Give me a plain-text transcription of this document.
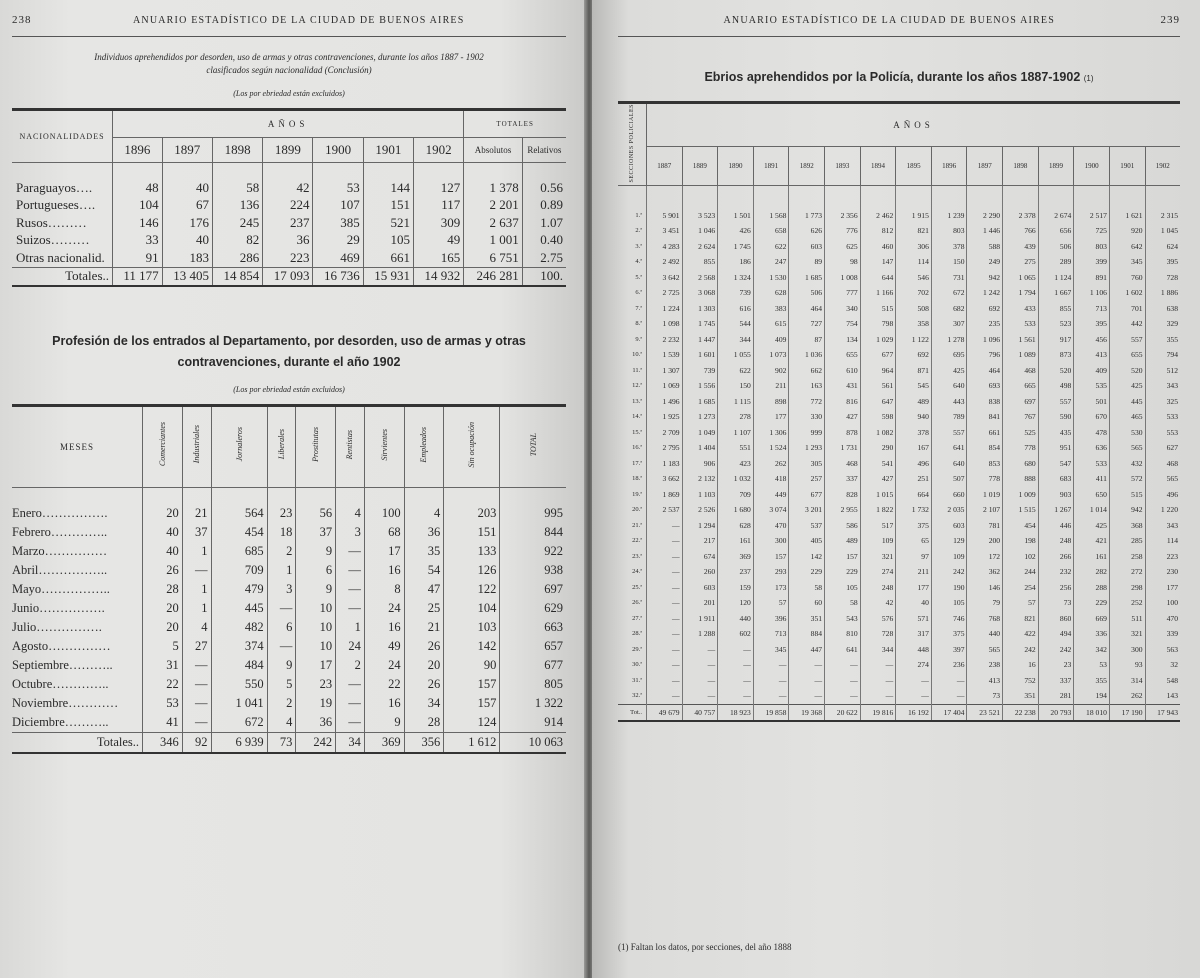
238	ANUARIO ESTADÍSTICO DE LA CIUDAD DE BUENOS AIRES
Individuos aprehendidos por desorden, uso de armas y otras contravenciones, durante los años 1887 - 1902
clasificados según nacionalidad (Conclusión)
(Los por ebriedad están excluidos)
NACIONALIDADES	AÑOS							TOTALES	
	1896	1897	1898	1899	1900	1901	1902	Absolutos	Relativos
Paraguayos….	48	40	58	42	53	144	127	1 378	0.56
Portugueses….	104	67	136	224	107	151	117	2 201	0.89
Rusos………	146	176	245	237	385	521	309	2 637	1.07
Suizos………	33	40	82	36	29	105	49	1 001	0.40
Otras nacionalid.	91	183	286	223	469	661	165	6 751	2.75
Totales..	11 177	13 405	14 854	17 093	16 736	15 931	14 932	246 281	100.
Profesión de los entrados al Departamento, por desorden, uso de armas y otras
contravenciones, durante el año 1902
(Los por ebriedad están excluidos)
MESES	Comerciantes	Industriales	Jornaleros	Liberales	Prostitutas	Rentistas	Sirvientes	Empleados	Sin ocupación	TOTAL
Enero…………….	20	21	564	23	56	4	100	4	203	995
Febrero…………..	40	37	454	18	37	3	68	36	151	844
Marzo……………	40	1	685	2	9	—	17	35	133	922
Abril……………..	26	—	709	1	6	—	16	54	126	938
Mayo……………..	28	1	479	3	9	—	8	47	122	697
Junio…………….	20	1	445	—	10	—	24	25	104	629
Julio…………….	20	4	482	6	10	1	16	21	103	663
Agosto……………	5	27	374	—	10	24	49	26	142	657
Septiembre………..	31	—	484	9	17	2	24	20	90	677
Octubre…………..	22	—	550	5	23	—	22	26	157	805
Noviembre…………	53	—	1 041	2	19	—	16	34	157	1 322
Diciembre………..	41	—	672	4	36	—	9	28	124	914
Totales..	346	92	6 939	73	242	34	369	356	1 612	10 063
ANUARIO ESTADÍSTICO DE LA CIUDAD DE BUENOS AIRES	239
Ebrios aprehendidos por la Policía, durante los años 1887-1902 (1)
SECCIONES POLICIALES	AÑOS														
	1887	1889	1890	1891	1892	1893	1894	1895	1896	1897	1898	1899	1900	1901	1902
1.ª	5 901	3 523	1 501	1 568	1 773	2 356	2 462	1 915	1 239	2 290	2 378	2 674	2 517	1 621	2 315
2.ª	3 451	1 046	426	658	626	776	812	821	803	1 446	766	656	725	920	1 045
3.ª	4 283	2 624	1 745	622	603	625	460	306	378	588	439	506	803	642	624
4.ª	2 492	855	186	247	89	98	147	114	150	249	275	289	399	345	395
5.ª	3 642	2 568	1 324	1 530	1 685	1 008	644	546	731	942	1 065	1 124	891	760	728
6.ª	2 725	3 068	739	628	506	777	1 166	702	672	1 242	1 794	1 667	1 106	1 602	1 886
7.ª	1 224	1 303	616	383	464	340	515	508	682	692	433	855	713	701	638
8.ª	1 098	1 745	544	615	727	754	798	358	307	235	533	523	395	442	329
9.ª	2 232	1 447	344	409	87	134	1 029	1 122	1 278	1 096	1 561	917	456	557	355
10.ª	1 539	1 601	1 055	1 073	1 036	655	677	692	695	796	1 089	873	413	655	794
11.ª	1 307	739	622	902	662	610	964	871	425	464	468	520	409	520	512
12.ª	1 069	1 556	150	211	163	431	561	545	640	693	665	498	535	425	343
13.ª	1 496	1 685	1 115	898	772	816	647	489	443	838	697	557	501	445	325
14.ª	1 925	1 273	278	177	330	427	598	940	789	841	767	590	670	465	533
15.ª	2 709	1 049	1 107	1 306	999	878	1 082	378	557	661	525	435	478	530	553
16.ª	2 795	1 404	551	1 524	1 293	1 731	290	167	641	854	778	951	636	565	627
17.ª	1 183	906	423	262	305	468	541	496	640	853	680	547	533	432	468
18.ª	3 662	2 132	1 032	418	257	337	427	251	507	778	888	683	411	572	565
19.ª	1 869	1 103	709	449	677	828	1 015	664	660	1 019	1 009	903	650	515	496
20.ª	2 537	2 526	1 680	3 074	3 201	2 955	1 822	1 732	2 035	2 107	1 515	1 267	1 014	942	1 220
21.ª	—	1 294	628	470	537	586	517	375	603	781	454	446	425	368	343
22.ª	—	217	161	300	405	489	109	65	129	200	198	248	421	285	114
23.ª	—	674	369	157	142	157	321	97	109	172	102	266	161	258	223
24.ª	—	260	237	293	229	229	274	211	242	362	244	232	282	272	230
25.ª	—	603	159	173	58	105	248	177	190	146	254	256	288	298	177
26.ª	—	201	120	57	60	58	42	40	105	79	57	73	229	252	100
27.ª	—	1 911	440	396	351	543	576	571	746	768	821	860	669	511	470
28.ª	—	1 288	602	713	884	810	728	317	375	440	422	494	336	321	339
29.ª	—	—	—	345	447	641	344	448	397	565	242	242	342	300	563
30.ª	—	—	—	—	—	—	—	274	236	238	16	23	53	93	32
31.ª	—	—	—	—	—	—	—	—	—	413	752	337	355	314	548
32.ª	—	—	—	—	—	—	—	—	—	73	351	281	194	262	143
Tot..	49 679	40 757	18 923	19 858	19 368	20 622	19 816	16 192	17 404	23 521	22 238	20 793	18 010	17 190	17 943
(1) Faltan los datos, por secciones, del año 1888
